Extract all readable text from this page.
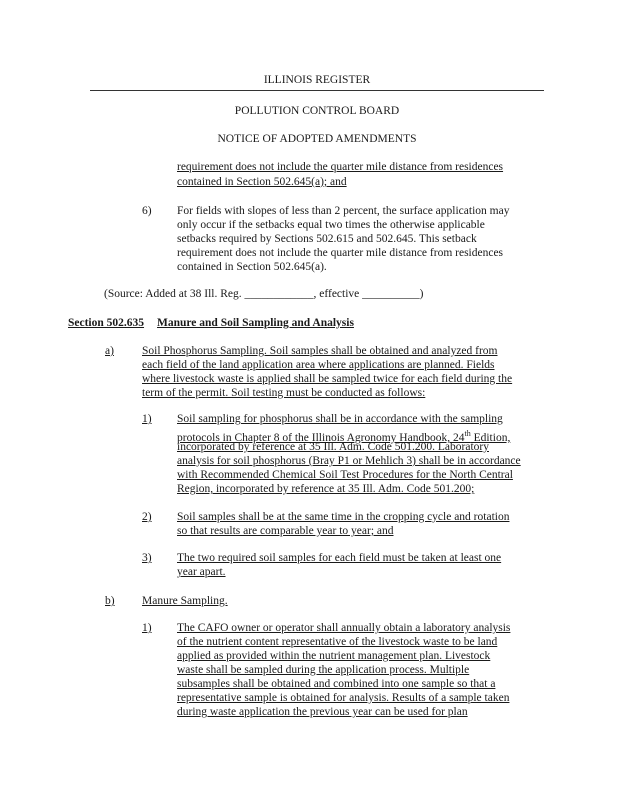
ILLINOIS REGISTER
POLLUTION CONTROL BOARD
NOTICE OF ADOPTED AMENDMENTS
requirement does not include the quarter mile distance from residences
contained in Section 502.645(a); and
6) For fields with slopes of less than 2 percent, the surface application may
only occur if the setbacks equal two times the otherwise applicable
setbacks required by Sections 502.615 and 502.645. This setback
requirement does not include the quarter mile distance from residences
contained in Section 502.645(a).
(Source: Added at 38 Ill. Reg. ____________, effective __________)
Section 502.635 Manure and Soil Sampling and Analysis
a) Soil Phosphorus Sampling. Soil samples shall be obtained and analyzed from
each field of the land application area where applications are planned. Fields
where livestock waste is applied shall be sampled twice for each field during the
term of the permit. Soil testing must be conducted as follows:
1) Soil sampling for phosphorus shall be in accordance with the sampling
protocols in Chapter 8 of the Illinois Agronomy Handbook, 24th Edition,
incorporated by reference at 35 Ill. Adm. Code 501.200. Laboratory
analysis for soil phosphorus (Bray P1 or Mehlich 3) shall be in accordance
with Recommended Chemical Soil Test Procedures for the North Central
Region, incorporated by reference at 35 Ill. Adm. Code 501.200;
2) Soil samples shall be at the same time in the cropping cycle and rotation
so that results are comparable year to year; and
3) The two required soil samples for each field must be taken at least one
year apart.
b) Manure Sampling.
1) The CAFO owner or operator shall annually obtain a laboratory analysis
of the nutrient content representative of the livestock waste to be land
applied as provided within the nutrient management plan. Livestock
waste shall be sampled during the application process. Multiple
subsamples shall be obtained and combined into one sample so that a
representative sample is obtained for analysis. Results of a sample taken
during waste application the previous year can be used for plan
